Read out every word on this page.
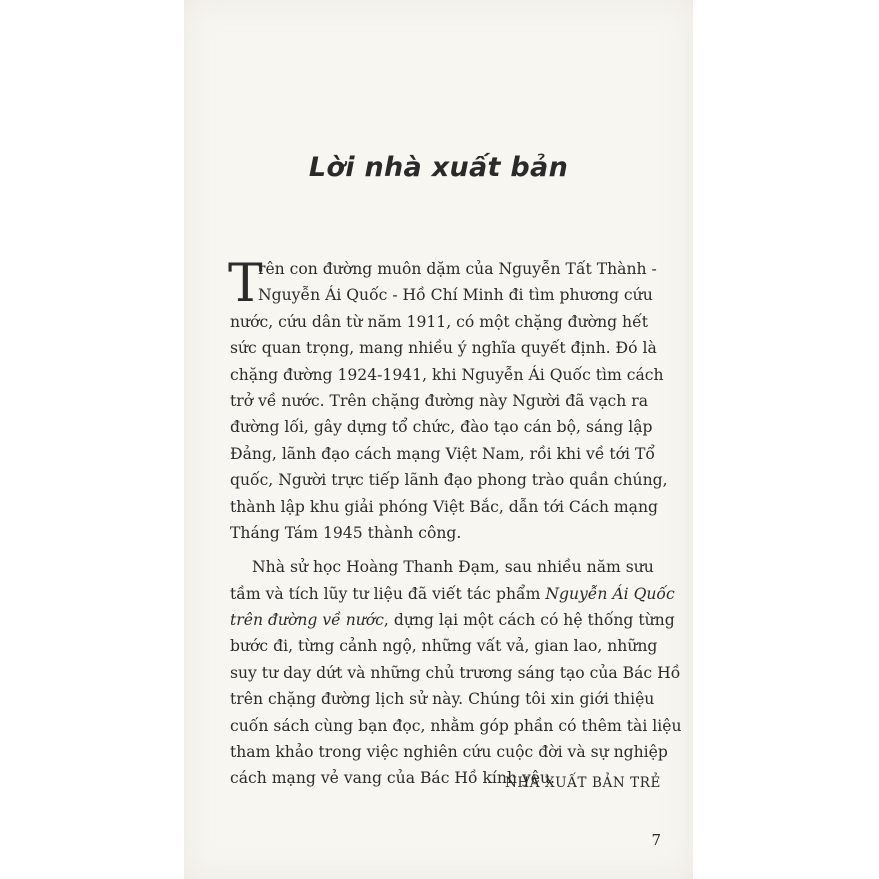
Lời nhà xuất bản
T
rên con đường muôn dặm của Nguyễn Tất Thành -
Nguyễn Ái Quốc - Hồ Chí Minh đi tìm phương cứu
nước, cứu dân từ năm 1911, có một chặng đường hết
sức quan trọng, mang nhiều ý nghĩa quyết định. Đó là
chặng đường 1924-1941, khi Nguyễn Ái Quốc tìm cách
trở về nước. Trên chặng đường này Người đã vạch ra
đường lối, gây dựng tổ chức, đào tạo cán bộ, sáng lập
Đảng, lãnh đạo cách mạng Việt Nam, rồi khi về tới Tổ
quốc, Người trực tiếp lãnh đạo phong trào quần chúng,
thành lập khu giải phóng Việt Bắc, dẫn tới Cách mạng
Tháng Tám 1945 thành công.
Nhà sử học Hoàng Thanh Đạm, sau nhiều năm sưu
tầm và tích lũy tư liệu đã viết tác phẩm Nguyễn Ái Quốc
trên đường về nước, dựng lại một cách có hệ thống từng
bước đi, từng cảnh ngộ, những vất vả, gian lao, những
suy tư day dứt và những chủ trương sáng tạo của Bác Hồ
trên chặng đường lịch sử này. Chúng tôi xin giới thiệu
cuốn sách cùng bạn đọc, nhằm góp phần có thêm tài liệu
tham khảo trong việc nghiên cứu cuộc đời và sự nghiệp
cách mạng vẻ vang của Bác Hồ kính yêu.
NHÀ XUẤT BẢN TRẺ
7
